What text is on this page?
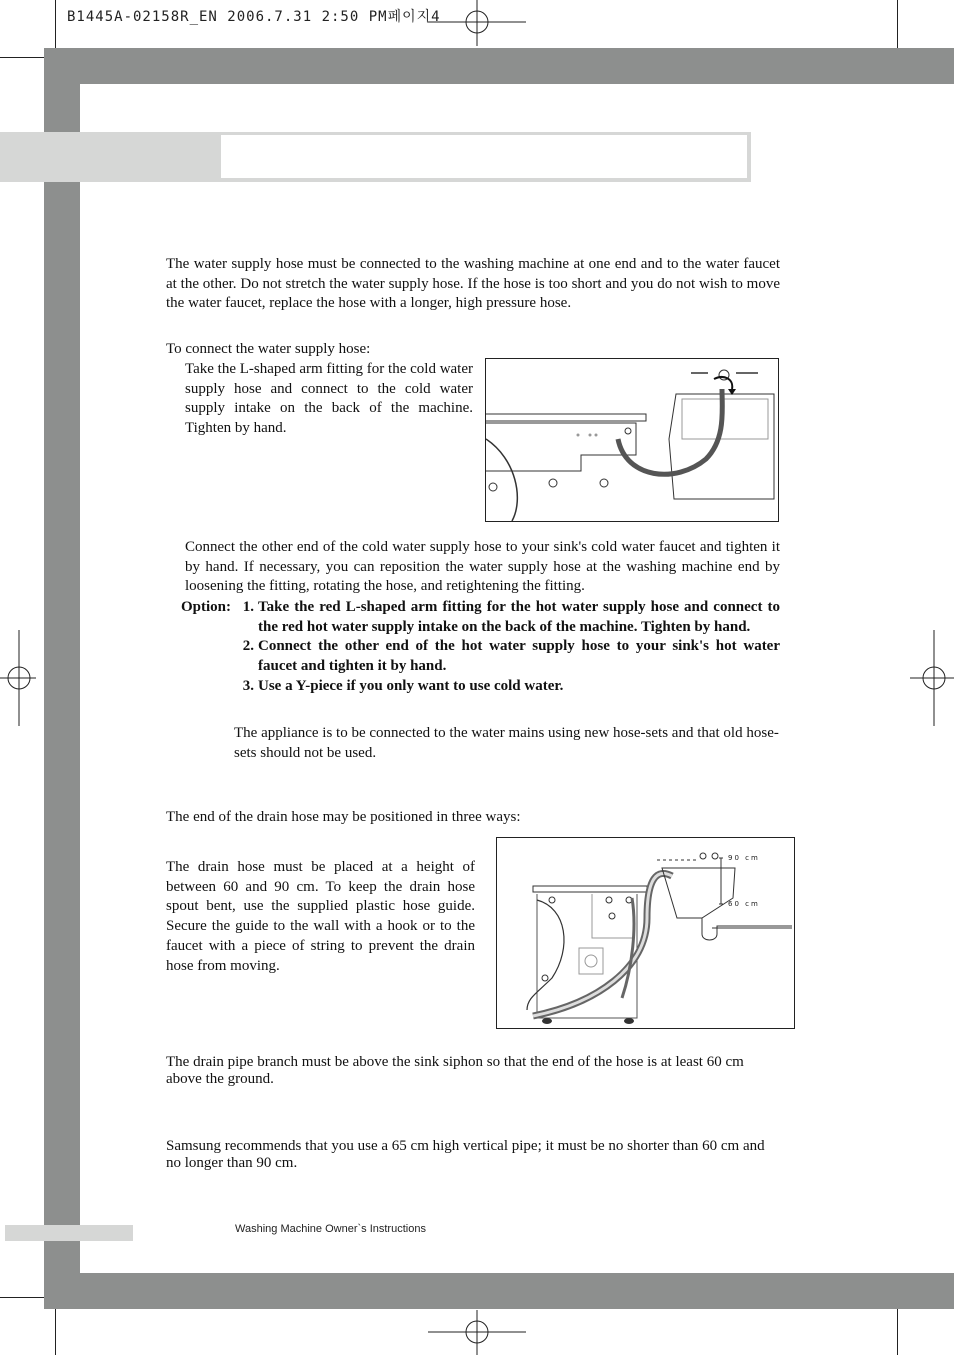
B1445A-02158R_EN 2006.7.31 2:50 PM페이지4

The water supply hose must be connected to the washing machine at one end and to the water faucet at the other. Do not stretch the water supply hose. If the hose is too short and you do not wish to move the water faucet, replace the hose with a longer, high pressure hose.

To connect the water supply hose:

Take the L-shaped arm fitting for the cold water supply hose and connect to the cold water supply intake on the back of the machine. Tighten by hand.

Connect the other end of the cold water supply hose to your sink's cold water faucet and tighten it by hand. If necessary, you can reposition the water supply hose at the washing machine end by loosening the fitting, rotating the hose, and retightening the fitting.

Option: 1. Take the red L-shaped arm fitting for the hot water supply hose and connect to the red hot water supply intake on the back of the machine. Tighten by hand.
2. Connect the other end of the hot water supply hose to your sink's hot water faucet and tighten it by hand.
3. Use a Y-piece if you only want to use cold water.

The appliance is to be connected to the water mains using new hose-sets and that old hose-sets should not be used.

The end of the drain hose may be positioned in three ways:

The drain hose must be placed at a height of between 60 and 90 cm. To keep the drain hose spout bent, use the supplied plastic hose guide. Secure the guide to the wall with a hook or to the faucet with a piece of string to prevent the drain hose from moving.

90 cm
60 cm

The drain pipe branch must be above the sink siphon so that the end of the hose is at least 60 cm above the ground.

Samsung recommends that you use a 65 cm high vertical pipe; it must be no shorter than 60 cm and no longer than 90 cm.

Washing Machine Owner`s Instructions
